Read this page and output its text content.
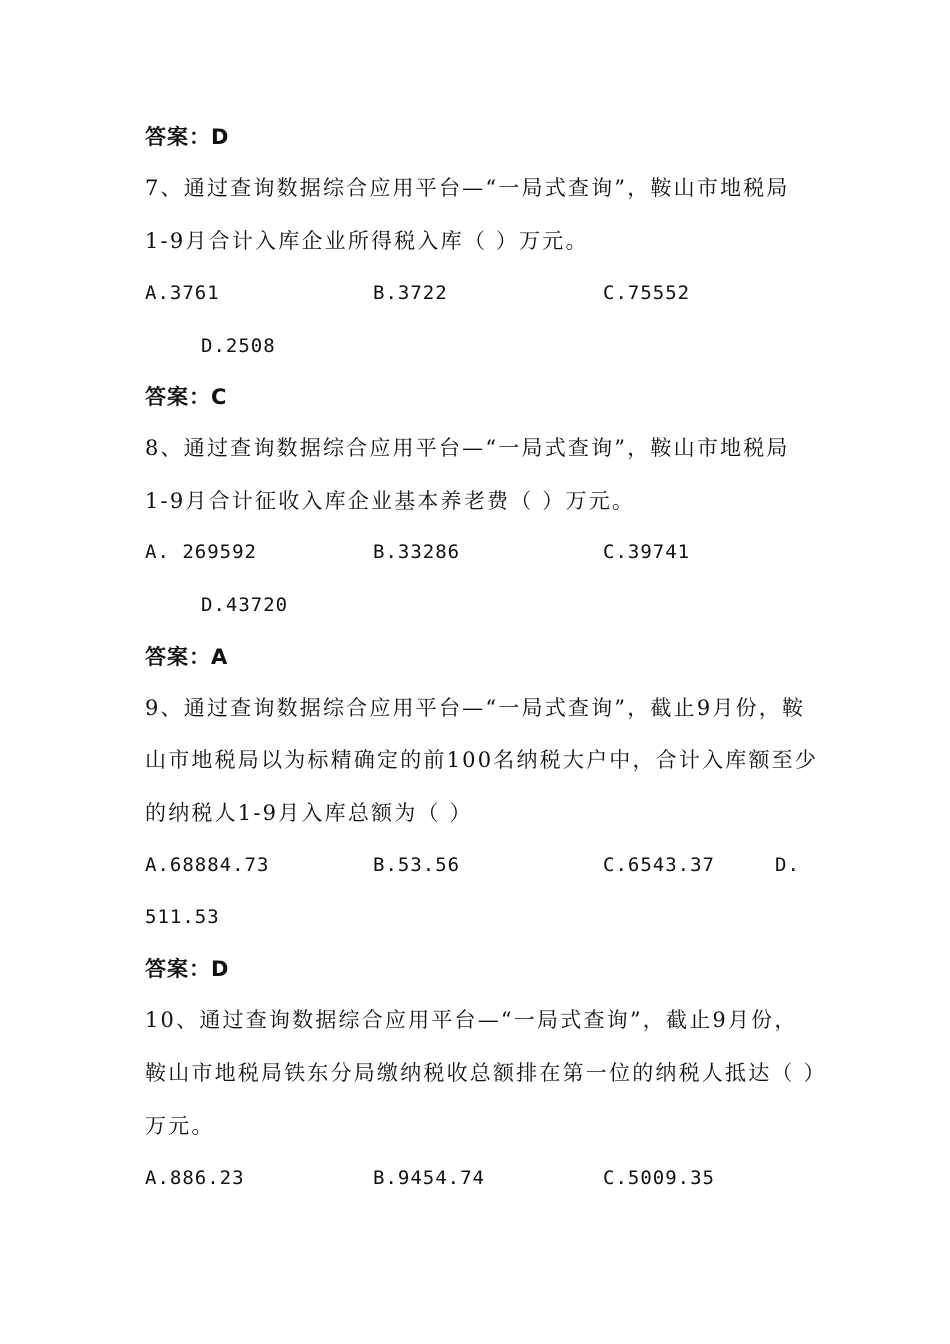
答案：D
7、通过查询数据综合应用平台—“一局式查询”，鞍山市地税局
1-9月合计入库企业所得税入库（ ）万元。
A.3761	B.3722	C.75552
D.2508
答案：C
8、通过查询数据综合应用平台—“一局式查询”，鞍山市地税局
1-9月合计征收入库企业基本养老费（ ）万元。
A. 269592	B.33286	C.39741
D.43720
答案：A
9、通过查询数据综合应用平台—“一局式查询”，截止9月份，鞍
山市地税局以为标精确定的前100名纳税大户中，合计入库额至少
的纳税人1-9月入库总额为（ ）
A.68884.73	B.53.56	C.6543.37	D.
511.53
答案：D
10、通过查询数据综合应用平台—“一局式查询”，截止9月份，
鞍山市地税局铁东分局缴纳税收总额排在第一位的纳税人抵达（ ）
万元。
A.886.23	B.9454.74	C.5009.35
